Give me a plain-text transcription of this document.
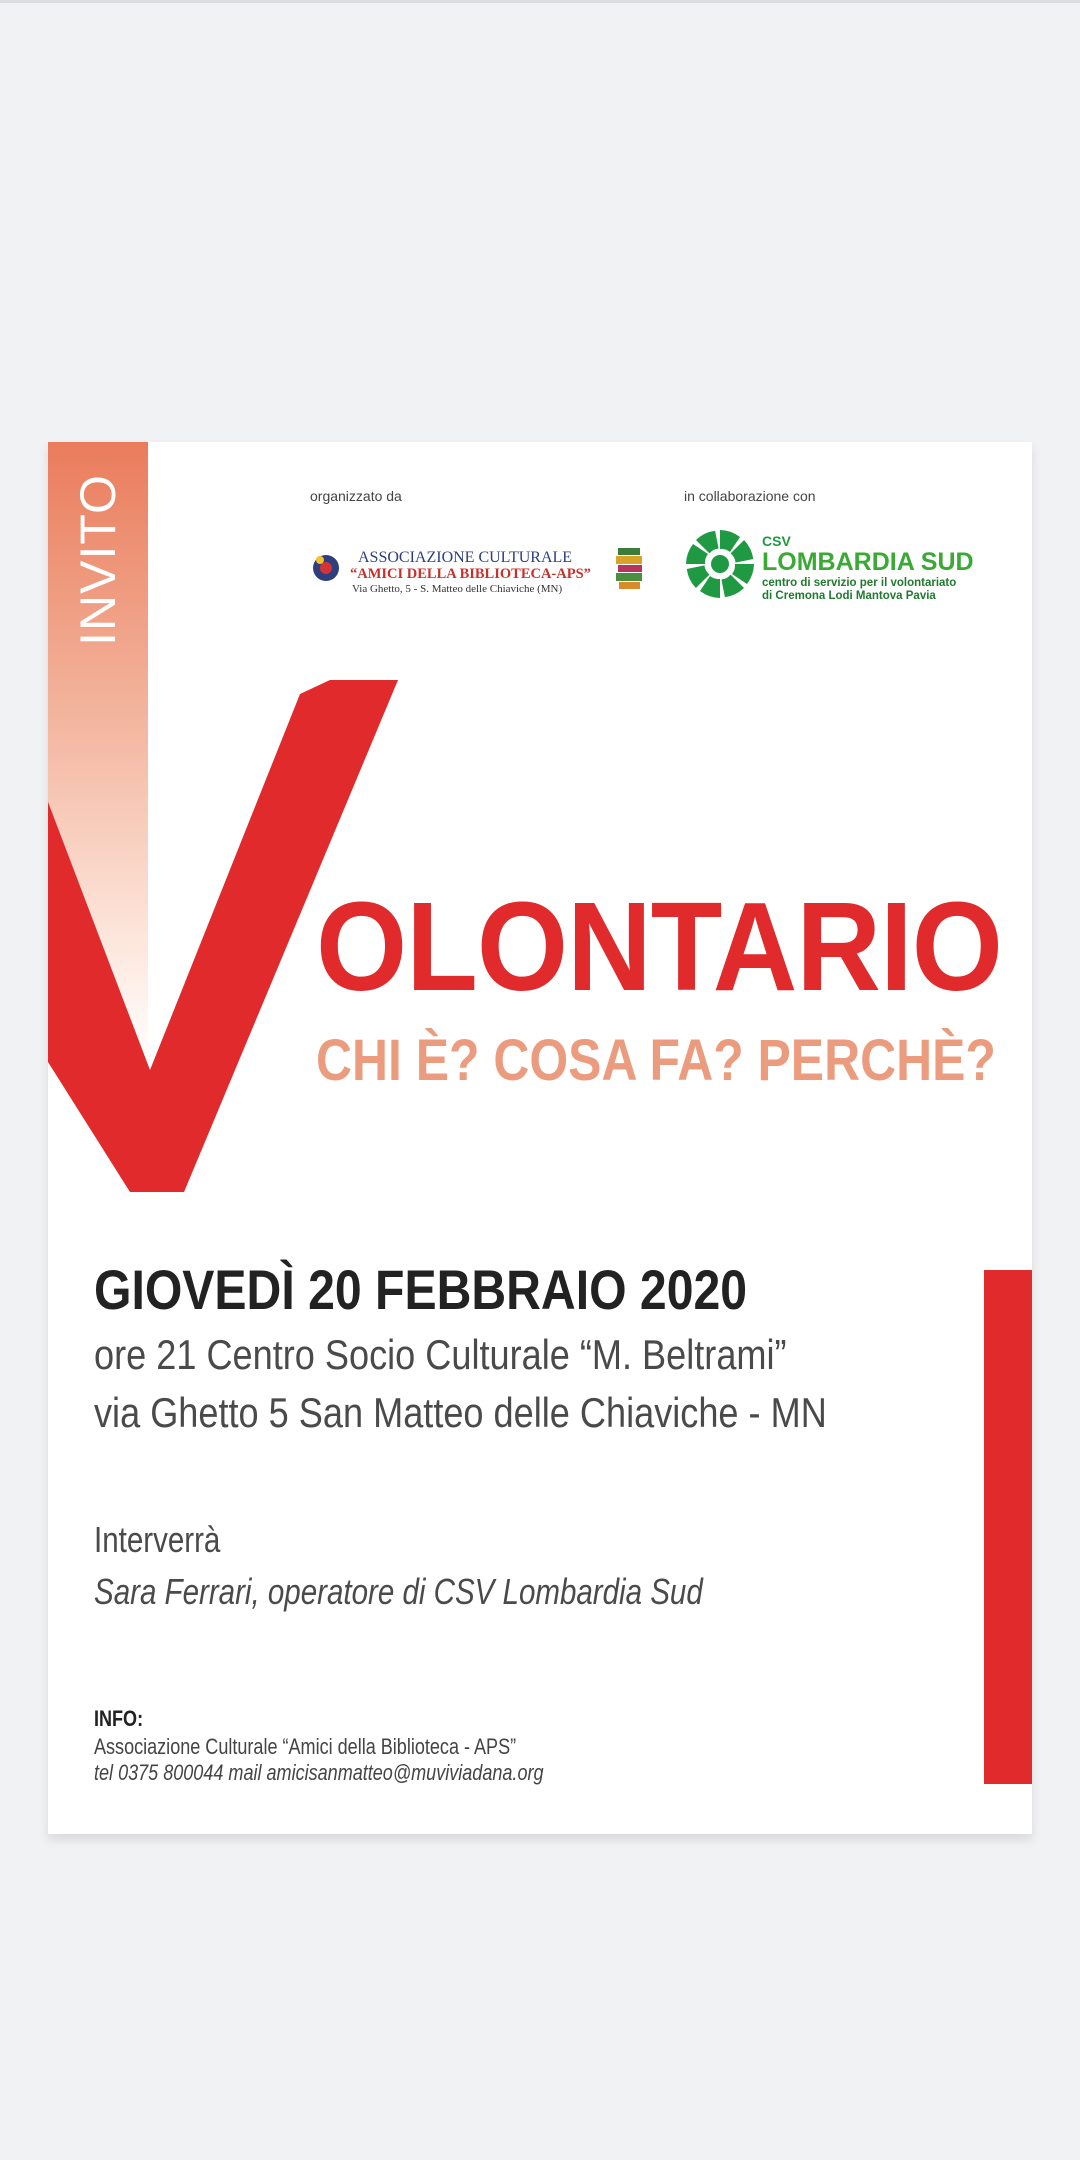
INVITO	organizzato da	in collaborazione con
ASSOCIAZIONE CULTURALE
“AMICI DELLA BIBLIOTECA-APS”
Via Ghetto, 5 - S. Matteo delle Chiaviche (MN)
CSV
LOMBARDIA SUD
centro di servizio per il volontariato
di Cremona Lodi Mantova Pavia
OLONTARIO
CHI È? COSA FA? PERCHÈ?
GIOVEDÌ 20 FEBBRAIO 2020
ore 21 Centro Socio Culturale “M. Beltrami”
via Ghetto 5 San Matteo delle Chiaviche - MN
Interverrà
Sara Ferrari, operatore di CSV Lombardia Sud
INFO:
Associazione Culturale “Amici della Biblioteca - APS”
tel 0375 800044 mail amicisanmatteo@muviviadana.org
